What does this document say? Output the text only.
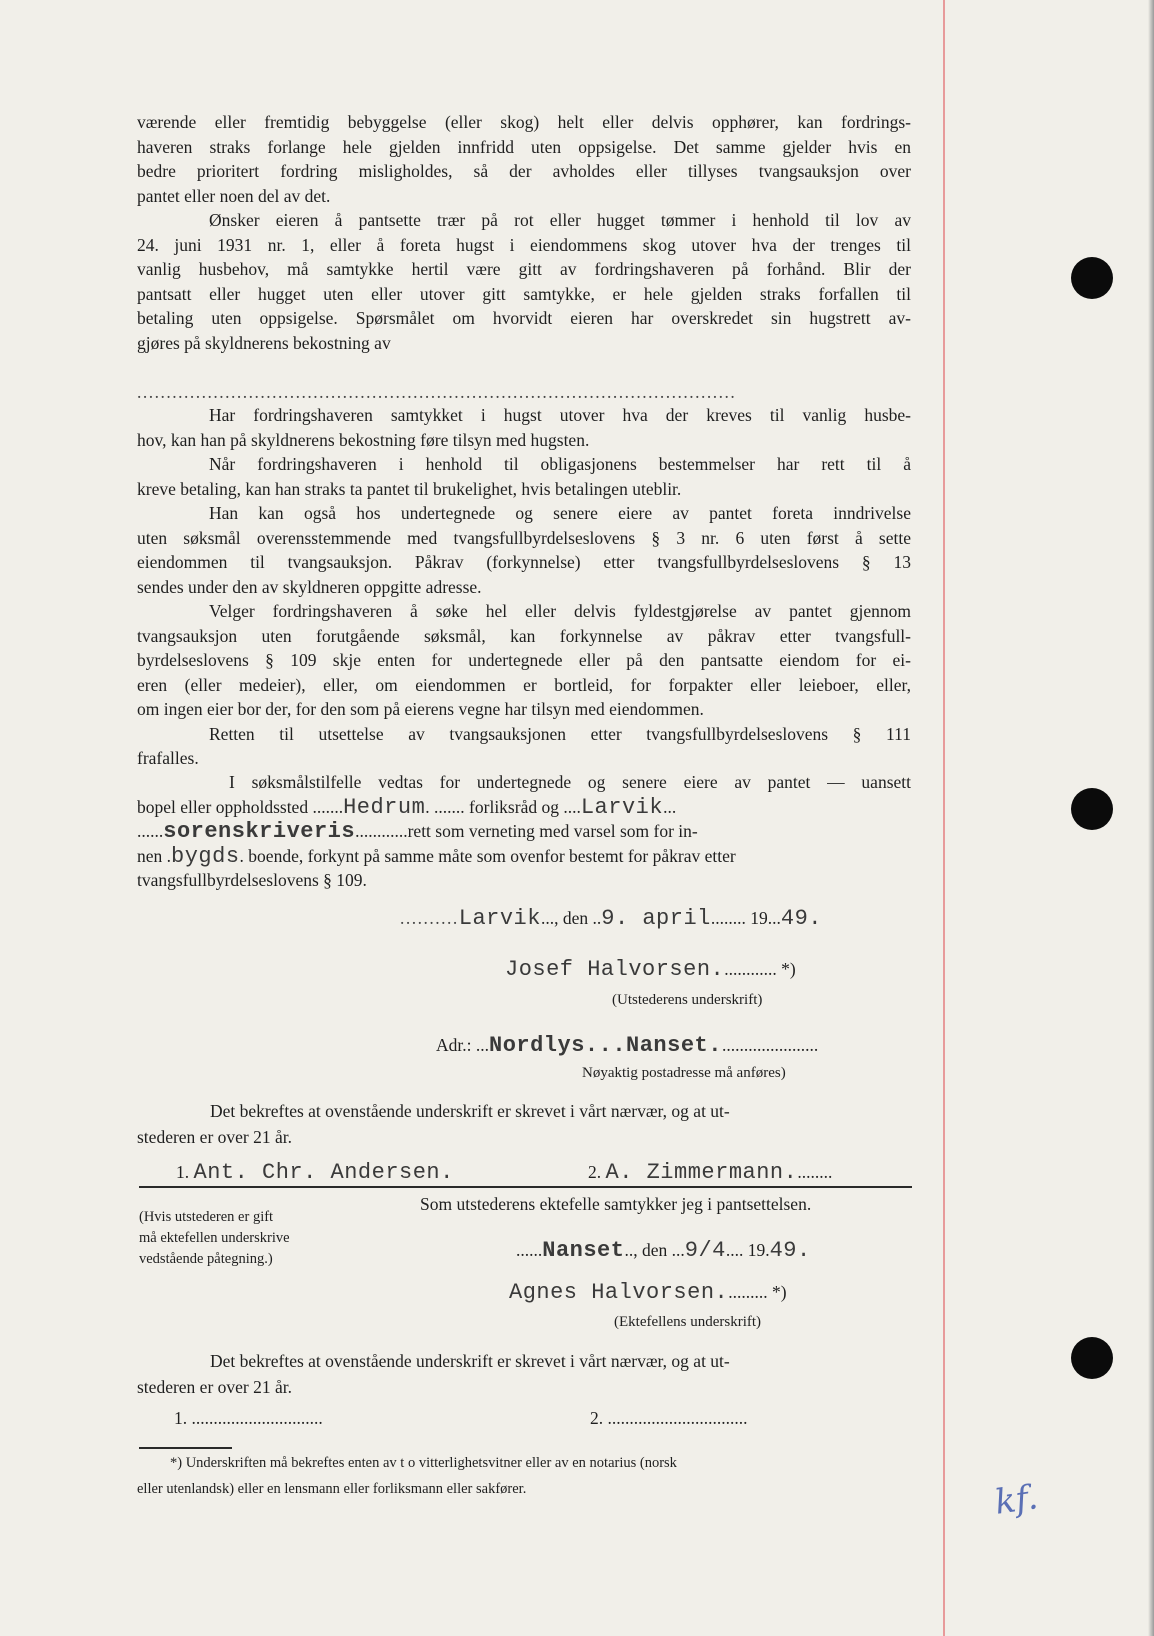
værende eller fremtidig bebyggelse (eller skog) helt eller delvis opphører, kan fordrings-
haveren straks forlange hele gjelden innfridd uten oppsigelse. Det samme gjelder hvis en
bedre prioritert fordring misligholdes, så der avholdes eller tillyses tvangsauksjon over
pantet eller noen del av det.
Ønsker eieren å pantsette trær på rot eller hugget tømmer i henhold til lov av
24. juni 1931 nr. 1, eller å foreta hugst i eiendommens skog utover hva der trenges til
vanlig husbehov, må samtykke hertil være gitt av fordringshaveren på forhånd. Blir der
pantsatt eller hugget uten eller utover gitt samtykke, er hele gjelden straks forfallen til
betaling uten oppsigelse. Spørsmålet om hvorvidt eieren har overskredet sin hugstrett av-
gjøres på skyldnerens bekostning av
......................................................................................................
Har fordringshaveren samtykket i hugst utover hva der kreves til vanlig husbe-
hov, kan han på skyldnerens bekostning føre tilsyn med hugsten.
Når fordringshaveren i henhold til obligasjonens bestemmelser har rett til å
kreve betaling, kan han straks ta pantet til brukelighet, hvis betalingen uteblir.
Han kan også hos undertegnede og senere eiere av pantet foreta inndrivelse
uten søksmål overensstemmende med tvangsfullbyrdelseslovens § 3 nr. 6 uten først å sette
eiendommen til tvangsauksjon. Påkrav (forkynnelse) etter tvangsfullbyrdelseslovens § 13
sendes under den av skyldneren oppgitte adresse.
Velger fordringshaveren å søke hel eller delvis fyldestgjørelse av pantet gjennom
tvangsauksjon uten forutgående søksmål, kan forkynnelse av påkrav etter tvangsfull-
byrdelseslovens § 109 skje enten for undertegnede eller på den pantsatte eiendom for ei-
eren (eller medeier), eller, om eiendommen er bortleid, for forpakter eller leieboer, eller,
om ingen eier bor der, for den som på eierens vegne har tilsyn med eiendommen.
Retten til utsettelse av tvangsauksjonen etter tvangsfullbyrdelseslovens § 111
frafalles.
I søksmålstilfelle vedtas for undertegnede og senere eiere av pantet — uansett
bopel eller oppholdssted .......Hedrum. ....... forliksråd og ....Larvik...
......sorenskriveris............rett som verneting med varsel som for in-
nen .bygds. boende, forkynt på samme måte som ovenfor bestemt for påkrav etter
tvangsfullbyrdelseslovens § 109.
..........Larvik..., den ..9. april........ 19...49.
Josef Halvorsen............. *)
(Utstederens underskrift)
Adr.: ...Nordlys...Nanset.......................
Nøyaktig postadresse må anføres)
Det bekreftes at ovenstående underskrift er skrevet i vårt nærvær, og at ut-
stederen er over 21 år.
1. Ant. Chr. Andersen.	2. A. Zimmermann.........
Som utstederens ektefelle samtykker jeg i pantsettelsen.
(Hvis utstederen er gift
må ektefellen underskrive
vedstående påtegning.)	......Nanset.., den ...9/4.... 19.49.
Agnes Halvorsen.......... *)
(Ektefellens underskrift)
Det bekreftes at ovenstående underskrift er skrevet i vårt nærvær, og at ut-
stederen er over 21 år.
1. ..............................	2. ................................
*) Underskriften må bekreftes enten av t o vitterlighetsvitner eller av en notarius (norsk
eller utenlandsk) eller en lensmann eller forliksmann eller sakfører.	kf.
